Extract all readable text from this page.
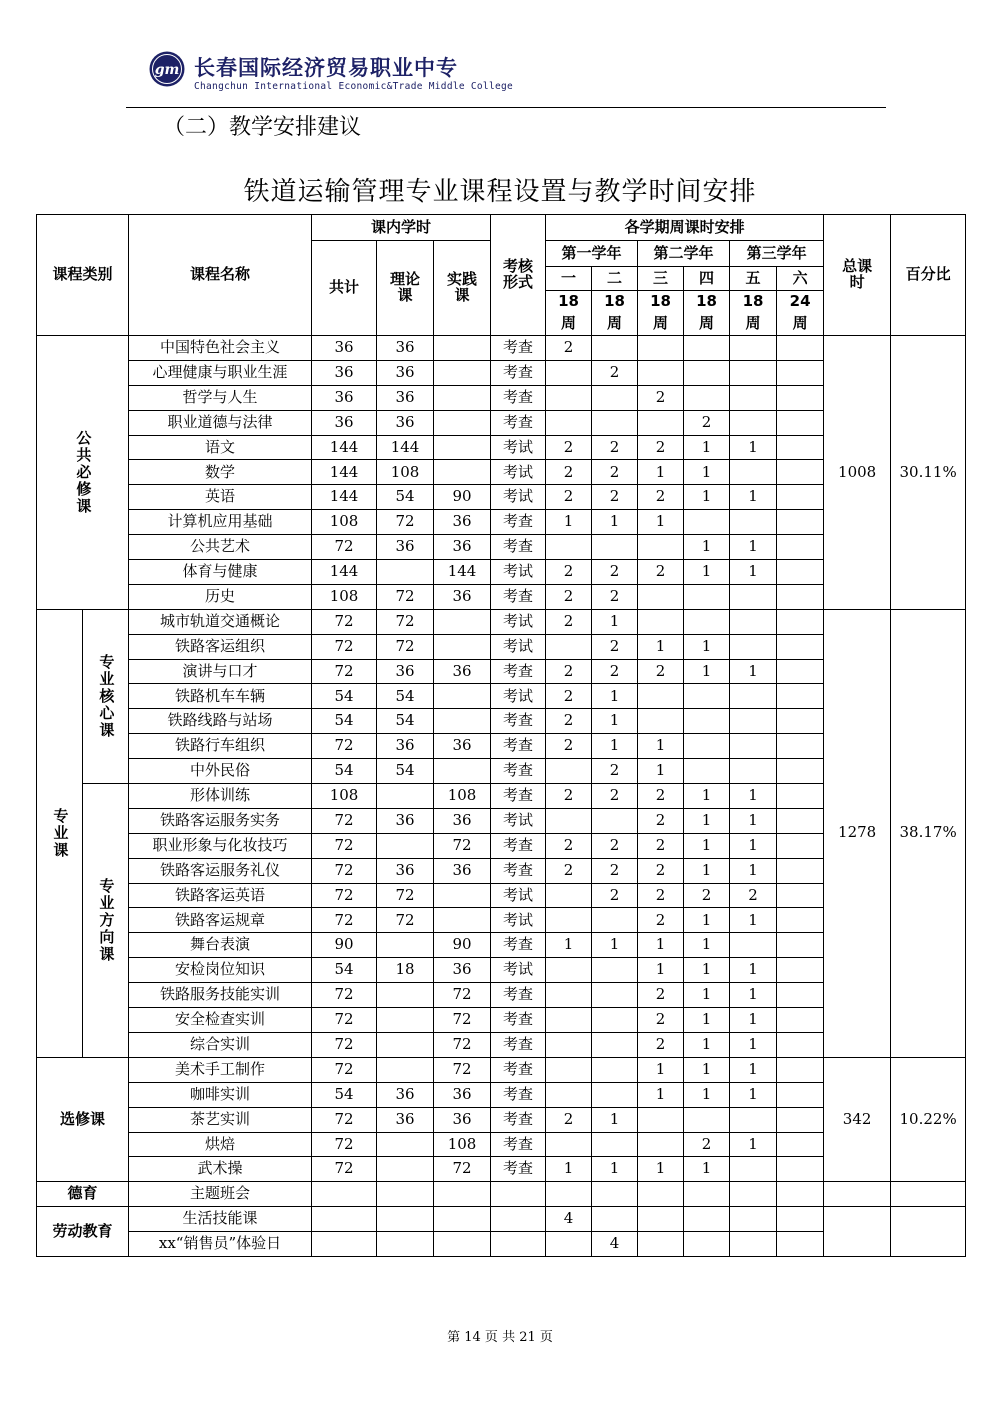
gm 长春国际经济贸易职业中专
Changchun International Economic&Trade Middle College
（二）教学安排建议
铁道运输管理专业课程设置与教学时间安排
课程类别		课程名称	课内学时			考核形式	各学期周课时安排						总课时	百分比
			共计	理论课	实践课		第一学年		第二学年		第三学年			
							一	二	三	四	五	六		

							18周	18周	18周	18周	18周	24周		

公共必修课		中国特色社会主义	36	36		考查	2						1008	30.11%
		心理健康与职业生涯	36	36		考查		2						
		哲学与人生	36	36		考查			2					
		职业道德与法律	36	36		考查				2				
		语文	144	144		考试	2	2	2	1	1			
		数学	144	108		考试	2	2	1	1				
		英语	144	54	90	考试	2	2	2	1	1			
		计算机应用基础	108	72	36	考查	1	1	1					
		公共艺术	72	36	36	考查				1	1			
		体育与健康	144		144	考试	2	2	2	1	1			
		历史	108	72	36	考查	2	2						

专业课	专业核心课	城市轨道交通概论	72	72		考试	2	1					1278	38.17%
		铁路客运组织	72	72		考试		2	1	1				
		演讲与口才	72	36	36	考查	2	2	2	1	1			
		铁路机车车辆	54	54		考试	2	1						
		铁路线路与站场	54	54		考查	2	1						
		铁路行车组织	72	36	36	考查	2	1	1					
		中外民俗	54	54		考查		2	1					

	专业方向课	形体训练	108		108	考查	2	2	2	1	1			
		铁路客运服务实务	72	36	36	考试			2	1	1			
		职业形象与化妆技巧	72		72	考查	2	2	2	1	1			
		铁路客运服务礼仪	72	36	36	考查	2	2	2	1	1			
		铁路客运英语	72	72		考试		2	2	2	2			
		铁路客运规章	72	72		考试			2	1	1			
		舞台表演	90		90	考查	1	1	1	1				
		安检岗位知识	54	18	36	考试			1	1	1			
		铁路服务技能实训	72		72	考查			2	1	1			
		安全检查实训	72		72	考查			2	1	1			
		综合实训	72		72	考查			2	1	1			

选修课		美术手工制作	72		72	考查			1	1	1		342	10.22%
		咖啡实训	54	36	36	考查			1	1	1			
		茶艺实训	72	36	36	考查	2	1						
		烘焙	72		108	考查				2	1			
		武术操	72		72	考查	1	1	1	1				

德育		主题班会												

劳动教育		生活技能课					4							
		xx“销售员”体验日						4						
第 14 页 共 21 页
